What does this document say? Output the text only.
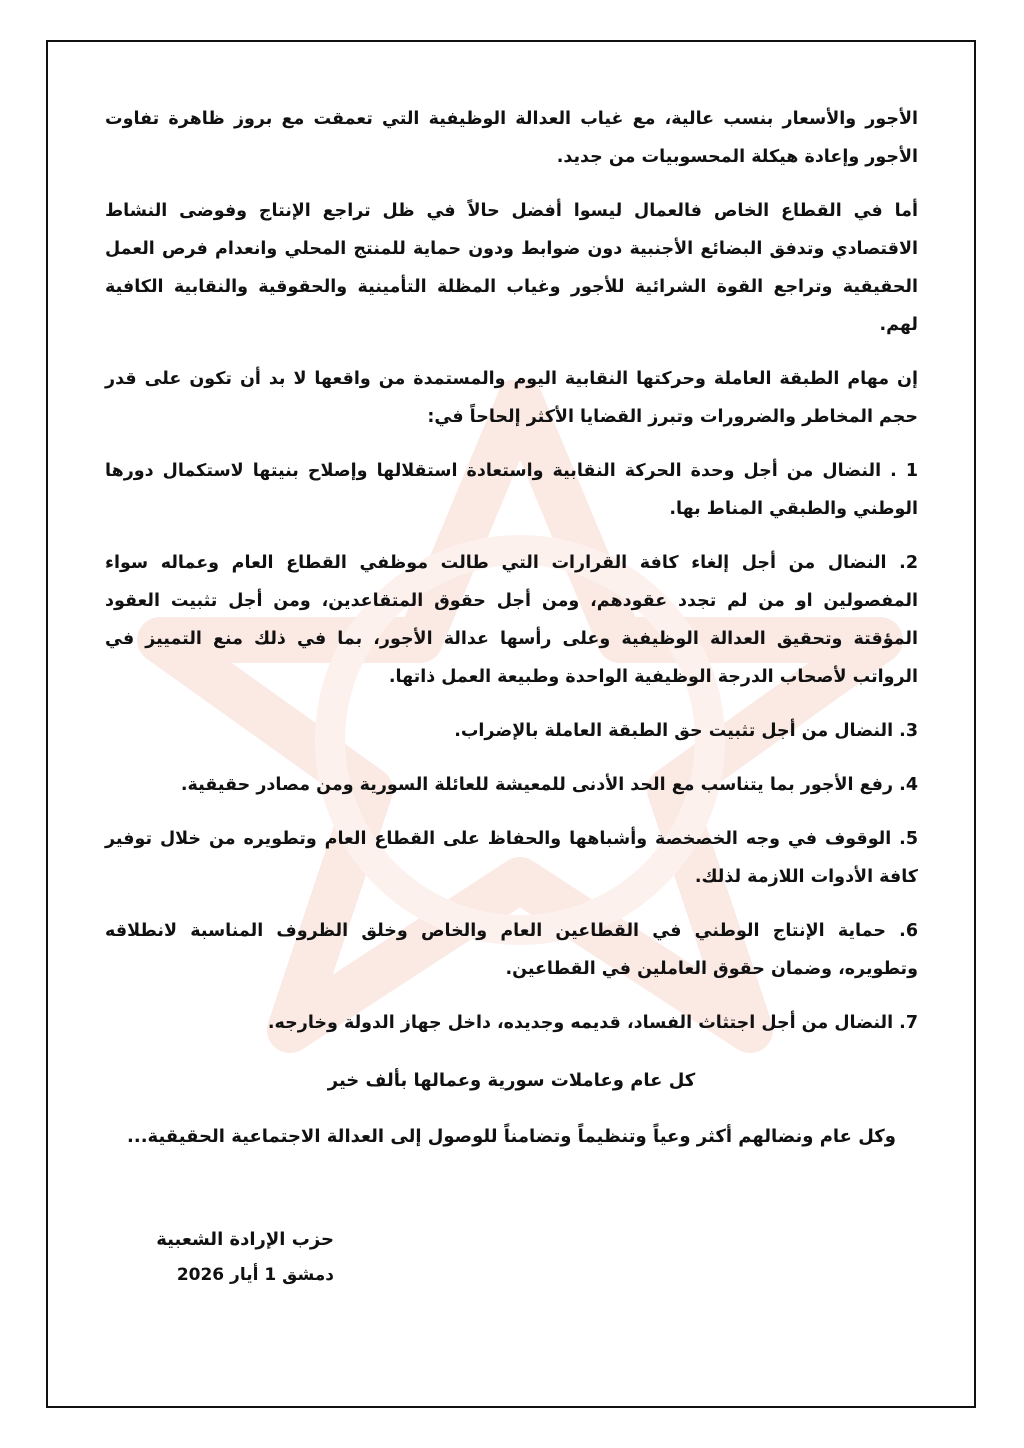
الأجور والأسعار بنسب عالية، مع غياب العدالة الوظيفية التي تعمقت مع بروز ظاهرة تفاوت الأجور وإعادة هيكلة المحسوبيات من جديد.

أما في القطاع الخاص فالعمال ليسوا أفضل حالاً في ظل تراجع الإنتاج وفوضى النشاط الاقتصادي وتدفق البضائع الأجنبية دون ضوابط ودون حماية للمنتج المحلي وانعدام فرص العمل الحقيقية وتراجع القوة الشرائية للأجور وغياب المظلة التأمينية والحقوقية والنقابية الكافية لهم.

إن مهام الطبقة العاملة وحركتها النقابية اليوم والمستمدة من واقعها لا بد أن تكون على قدر حجم المخاطر والضرورات وتبرز القضايا الأكثر إلحاحاً في:

1 . النضال من أجل وحدة الحركة النقابية واستعادة استقلالها وإصلاح بنيتها لاستكمال دورها الوطني والطبقي المناط بها.

2. النضال من أجل إلغاء كافة القرارات التي طالت موظفي القطاع العام وعماله سواء المفصولين او من لم تجدد عقودهم، ومن أجل حقوق المتقاعدين، ومن أجل تثبيت العقود المؤقتة وتحقيق العدالة الوظيفية وعلى رأسها عدالة الأجور، بما في ذلك منع التمييز في الرواتب لأصحاب الدرجة الوظيفية الواحدة وطبيعة العمل ذاتها.

3. النضال من أجل تثبيت حق الطبقة العاملة بالإضراب.

4. رفع الأجور بما يتناسب مع الحد الأدنى للمعيشة للعائلة السورية ومن مصادر حقيقية.

5. الوقوف في وجه الخصخصة وأشباهها والحفاظ على القطاع العام وتطويره من خلال توفير كافة الأدوات اللازمة لذلك.

6. حماية الإنتاج الوطني في القطاعين العام والخاص وخلق الظروف المناسبة لانطلاقه وتطويره، وضمان حقوق العاملين في القطاعين.

7. النضال من أجل اجتثاث الفساد، قديمه وجديده، داخل جهاز الدولة وخارجه.

كل عام وعاملات سورية وعمالها بألف خير
وكل عام ونضالهم أكثر وعياً وتنظيماً وتضامناً للوصول إلى العدالة الاجتماعية الحقيقية...
حزب الإرادة الشعبية
دمشق 1 أيار 2026
